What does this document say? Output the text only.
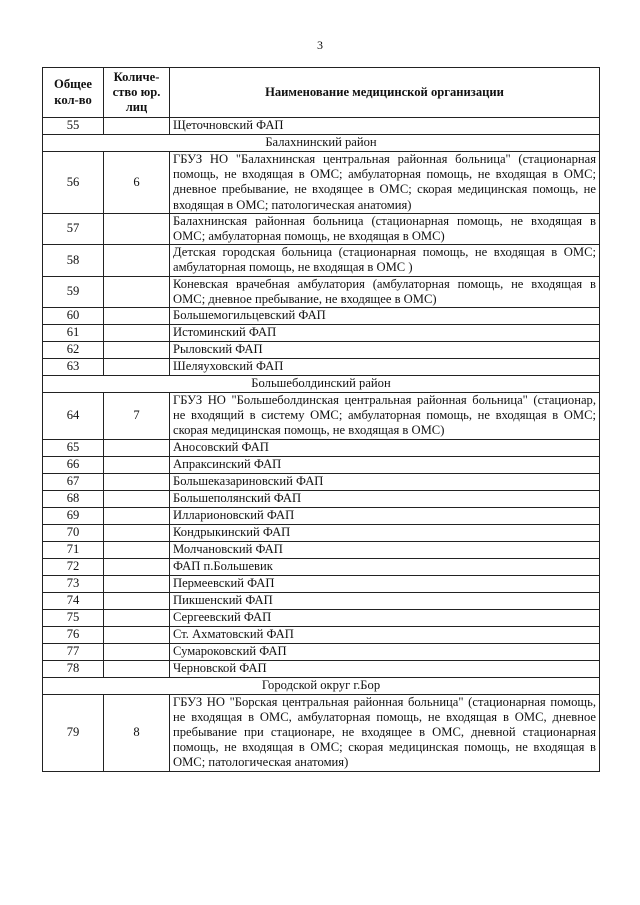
3
Общее кол-во	Количе-ство юр. лиц	Наименование медицинской организации
55		Щеточновский ФАП
Балахнинский район		
56	6	ГБУЗ НО "Балахнинская центральная районная больница" (стационарная помощь, не входящая в ОМС; амбулаторная помощь, не входящая в ОМС; дневное пребывание, не входящее в ОМС; скорая медицинская помощь, не входящая в ОМС; патологическая анатомия)
57		Балахнинская районная больница (стационарная помощь, не входящая в ОМС; амбулаторная помощь, не входящая в ОМС)
58		Детская городская больница (стационарная помощь, не входящая в ОМС; амбулаторная помощь, не входящая в ОМС )
59		Коневская врачебная амбулатория (амбулаторная помощь, не входящая в ОМС; дневное пребывание, не входящее в ОМС)
60		Большемогильцевский ФАП
61		Истоминский ФАП
62		Рыловский ФАП
63		Шеляуховский ФАП
Большеболдинский район		
64	7	ГБУЗ НО "Большеболдинская центральная районная больница" (стационар, не входящий в систему ОМС; амбулаторная помощь, не входящая в ОМС; скорая медицинская помощь, не входящая в ОМС)
65		Аносовский ФАП
66		Апраксинский ФАП
67		Большеказариновский ФАП
68		Большеполянский ФАП
69		Илларионовский ФАП
70		Кондрыкинский ФАП
71		Молчановский ФАП
72		ФАП п.Большевик
73		Пермеевский ФАП
74		Пикшенский ФАП
75		Сергеевский ФАП
76		Ст. Ахматовский ФАП
77		Сумароковский ФАП
78		Черновской ФАП
Городской округ г.Бор		
79	8	ГБУЗ НО "Борская центральная районная больница" (стационарная помощь, не входящая в ОМС, амбулаторная помощь, не входящая в ОМС, дневное пребывание при стационаре, не входящее в ОМС, дневной стационарная помощь, не входящая в ОМС; скорая медицинская помощь, не входящая в ОМС; патологическая анатомия)
